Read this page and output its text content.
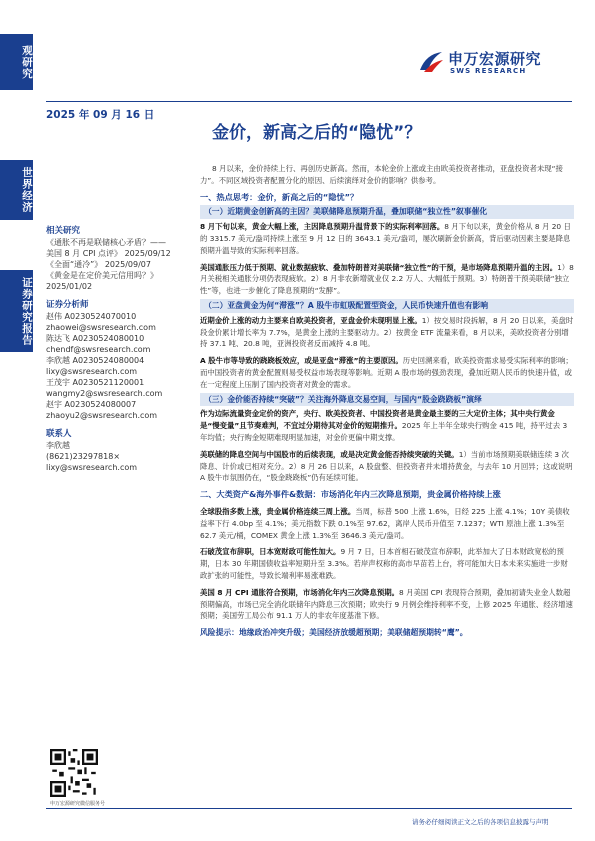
观研究
世界经济
证券研究报告
申万宏源研究
SWS RESEARCH
2025 年 09 月 16 日
金价，新高之后的“隐忧”？
相关研究
《通胀不再是联储核心矛盾？——
美国 8 月 CPI 点评》 2025/09/12
《全面“通冷”》 2025/09/07
《黄金是在定价美元信用吗？》
2025/01/02
证券分析师
赵伟 A0230524070010
zhaowei@swsresearch.com
陈达飞 A0230524080010
chendf@swsresearch.com
李欣越 A0230524080004
lixy@swsresearch.com
王茂宇 A0230521120001
wangmy2@swsresearch.com
赵宇 A0230524080007
zhaoyu2@swsresearch.com
联系人
李欣越
(8621)23297818×
lixy@swsresearch.com
申万宏源研究微信服务号

8 月以来，金价持续上行、再创历史新高。然而，本轮金价上涨或主由欧美投资者推动，亚盘投资者未现“接力”。不同区域投资者配置分化的原因、后续演绎对金价的影响？供参考。

一、热点思考：金价，新高之后的“隐忧”？

（一）近期黄金创新高的主因？美联储降息预期升温，叠加联储“独立性”叙事催化

8 月下旬以来，黄金大幅上涨，主因降息预期升温背景下的实际利率回落。8 月下旬以来，黄金价格从 8 月 20 日的 3315.7 美元/盎司持续上涨至 9 月 12 日的 3643.1 美元/盎司，屡次刷新金价新高，背后驱动因素主要是降息预期升温导致的实际利率回落。

美国通胀压力低于预期、就业数据疲软、叠加特朗普对美联储“独立性”的干预，是市场降息预期升温的主因。1）8 月关税相关通胀分项仍表现疲软。2）8 月非农新增就业仅 2.2 万人、大幅低于预期。3）特朗普干预美联储“独立性”等，也进一步催化了降息预期的“发酵”。

（二）亚盘黄金为何“滞涨”？A 股牛市虹吸配置型资金，人民币快速升值也有影响

近期金价上涨的动力主要来自欧美投资者，亚盘金价未现明显上涨。1）按交易时段拆解，8 月 20 日以来，美盘时段金价累计增长率为 7.7%，是黄金上涨的主要驱动力。2）按黄金 ETF 流量来看，8 月以来，美欧投资者分别增持 37.1 吨、20.8 吨，亚洲投资者反而减持 4.8 吨。

A 股牛市等导致的跷跷板效应，或是亚盘“滞涨”的主要原因。历史回溯来看，欧美投资需求易受实际利率的影响；而中国投资者的黄金配置则易受权益市场表现等影响。近期 A 股市场的强劲表现，叠加近期人民币的快速升值，或在一定程度上压制了国内投资者对黄金的需求。

（三）金价能否持续“突破”？关注海外降息交易空间，与国内“股金跷跷板”演绎

作为边际流量资金定价的资产，央行、欧美投资者、中国投资者是黄金最主要的三大定价主体；其中央行黄金是“慢变量”且节奏难判，不宜过分期待其对金价的短期推升。2025 年上半年全球央行购金 415 吨，持平过去 3 年均值；央行购金短期难现明显加速，对金价更偏中期支撑。

美联储的降息空间与中国股市的后续表现，或是决定黄金能否持续突破的关键。1）当前市场预期美联储连续 3 次降息、计价或已相对充分。2）8 月 26 日以来，A 股盘整、但投资者并未增持黄金，与去年 10 月回异；这或说明 A 股牛市氛围仍在，“股金跷跷板”仍有延续可能。

二、大类资产&海外事件&数据：市场消化年内三次降息预期，贵金属价格持续上涨

全球股指多数上涨，贵金属价格连续三周上涨。当周，标普 500 上涨 1.6%，日经 225 上涨 4.1%；10Y 美债收益率下行 4.0bp 至 4.1%；美元指数下跌 0.1%至 97.62，离岸人民币升值至 7.1237；WTI 原油上涨 1.3%至 62.7 美元/桶，COMEX 黄金上涨 1.3%至 3646.3 美元/盎司。

石破茂宣布辞职，日本宽财政可能性加大。9 月 7 日，日本首相石破茂宣布辞职，此举加大了日本财政宽松的预期，日本 30 年期国债收益率短期升至 3.3%。若岸声权称的高市早苗若上台，将可能加大日本未来实施进一步财政扩张的可能性，导致长端利率易涨难跌。

美国 8 月 CPI 通胀符合预期，市场消化年内三次降息预期。8 月美国 CPI 表现符合预期，叠加初请失业金人数超预期偏高，市场已完全消化联储年内降息三次预期；欧央行 9 月例会维持利率不变，上修 2025 年通胀、经济增速预期；美国劳工局公布 91.1 万人的非农年度基准下修。

风险提示：地缘政治冲突升级；美国经济放缓超预期；美联储超预期转“鹰”。

请务必仔细阅读正文之后的各项信息披露与声明
